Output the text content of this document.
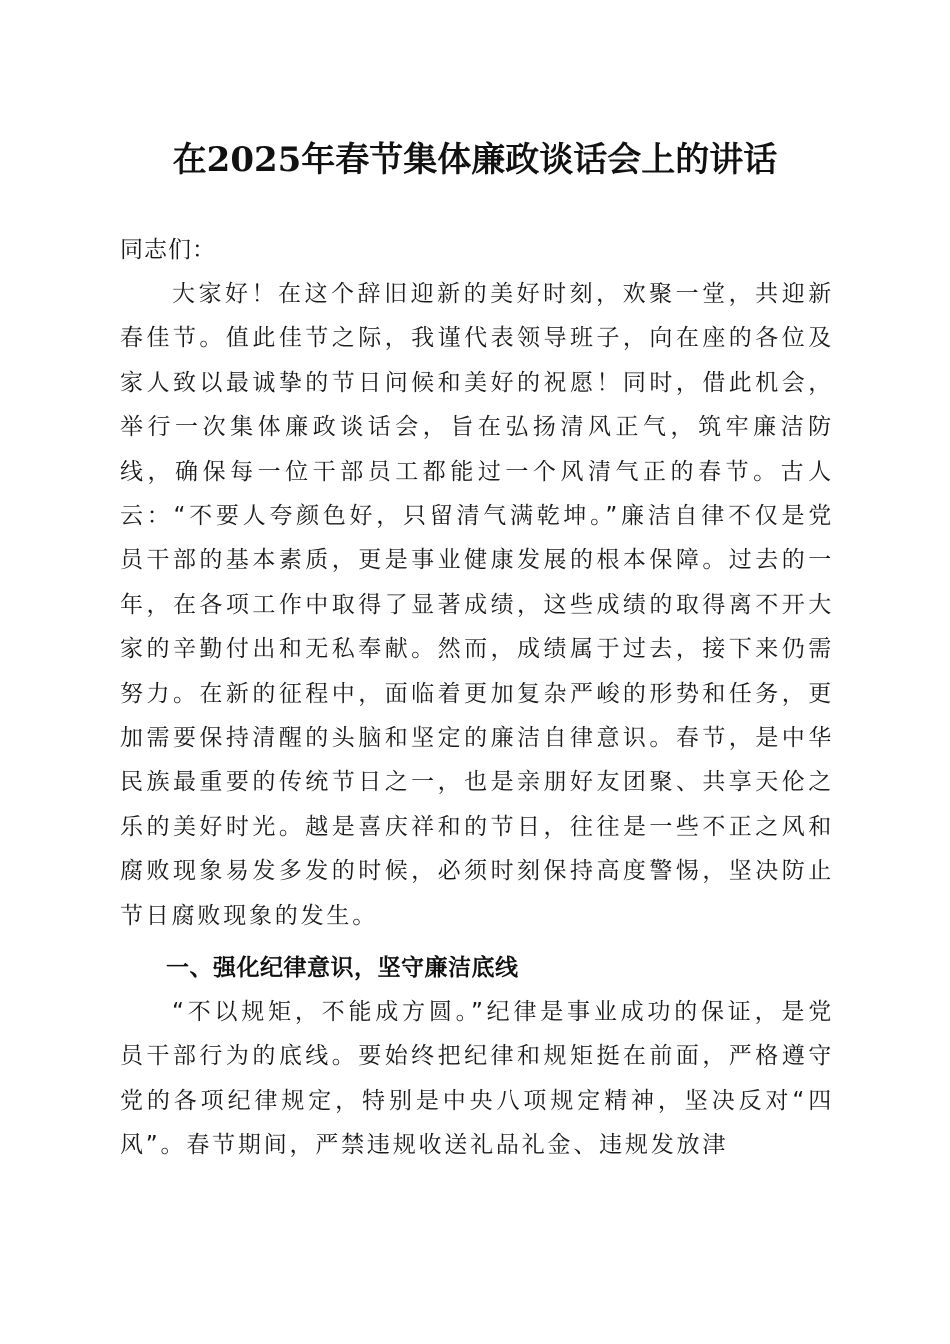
在2025年春节集体廉政谈话会上的讲话

同志们：

大家好！在这个辞旧迎新的美好时刻，欢聚一堂，共迎新春佳节。值此佳节之际，我谨代表领导班子，向在座的各位及家人致以最诚挚的节日问候和美好的祝愿！同时，借此机会，举行一次集体廉政谈话会，旨在弘扬清风正气，筑牢廉洁防线，确保每一位干部员工都能过一个风清气正的春节。古人云：“不要人夸颜色好，只留清气满乾坤。”廉洁自律不仅是党员干部的基本素质，更是事业健康发展的根本保障。过去的一年，在各项工作中取得了显著成绩，这些成绩的取得离不开大家的辛勤付出和无私奉献。然而，成绩属于过去，接下来仍需努力。在新的征程中，面临着更加复杂严峻的形势和任务，更加需要保持清醒的头脑和坚定的廉洁自律意识。春节，是中华民族最重要的传统节日之一，也是亲朋好友团聚、共享天伦之乐的美好时光。越是喜庆祥和的节日，往往是一些不正之风和腐败现象易发多发的时候，必须时刻保持高度警惕，坚决防止节日腐败现象的发生。

一、强化纪律意识，坚守廉洁底线

“不以规矩，不能成方圆。”纪律是事业成功的保证，是党员干部行为的底线。要始终把纪律和规矩挺在前面，严格遵守党的各项纪律规定，特别是中央八项规定精神，坚决反对“四风”。春节期间，严禁违规收送礼品礼金、违规发放津
